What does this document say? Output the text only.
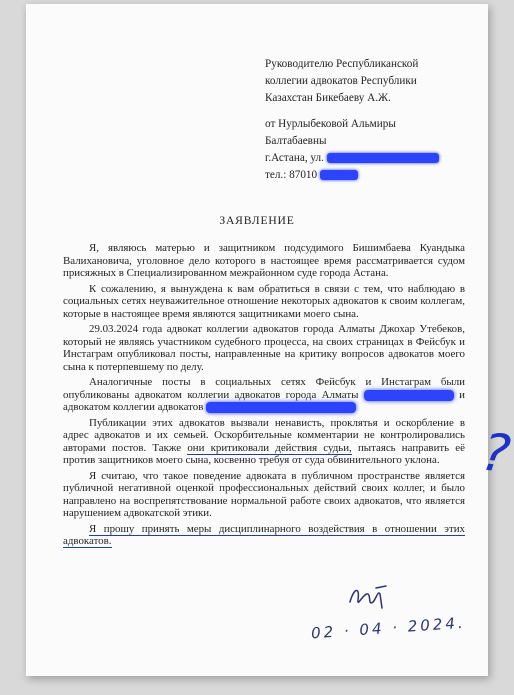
Руководителю Республиканской
коллегии адвокатов Республики
Казахстан Бикебаеву А.Ж.
от Нурлыбековой Альмиры
Балтабаевны
г.Астана, ул.
тел.: 87010
ЗАЯВЛЕНИЕ

Я, являюсь матерью и защитником подсудимого Бишимбаева Куандыка Валихановича, уголовное дело которого в настоящее время рассматривается судом присяжных в Специализированном межрайонном суде города Астана.

К сожалению, я вынуждена к вам обратиться в связи с тем, что наблюдаю в социальных сетях неуважительное отношение некоторых адвокатов к своим коллегам, которые в настоящее время являются защитниками моего сына.

29.03.2024 года адвокат коллегии адвокатов города Алматы Джохар Утебеков, который не являясь участником судебного процесса, на своих страницах в Фейсбук и Инстаграм опубликовал посты, направленные на критику вопросов адвокатов моего сына к потерпевшему по делу.

Аналогичные посты в социальных сетях Фейсбук и Инстаграм были опубликованы адвокатом коллегии адвокатов города Алматы	и адвокатом коллегии адвокатов

Публикации этих адвокатов вызвали ненависть, проклятья и оскорбление в адрес адвокатов и их семьей. Оскорбительные комментарии не контролировались авторами постов. Также они критиковали действия судьи, пытаясь направить её против защитников моего сына, косвенно требуя от суда обвинительного уклона.

Я считаю, что такое поведение адвоката в публичном пространстве является публичной негативной оценкой профессиональных действий своих коллег, и было направлено на воспрепятствование нормальной работе своих адвокатов, что является нарушением адвокатской этики.

Я прошу принять меры дисциплинарного воздействия в отношении этих адвокатов.

?
02 · 04 · 2024.
